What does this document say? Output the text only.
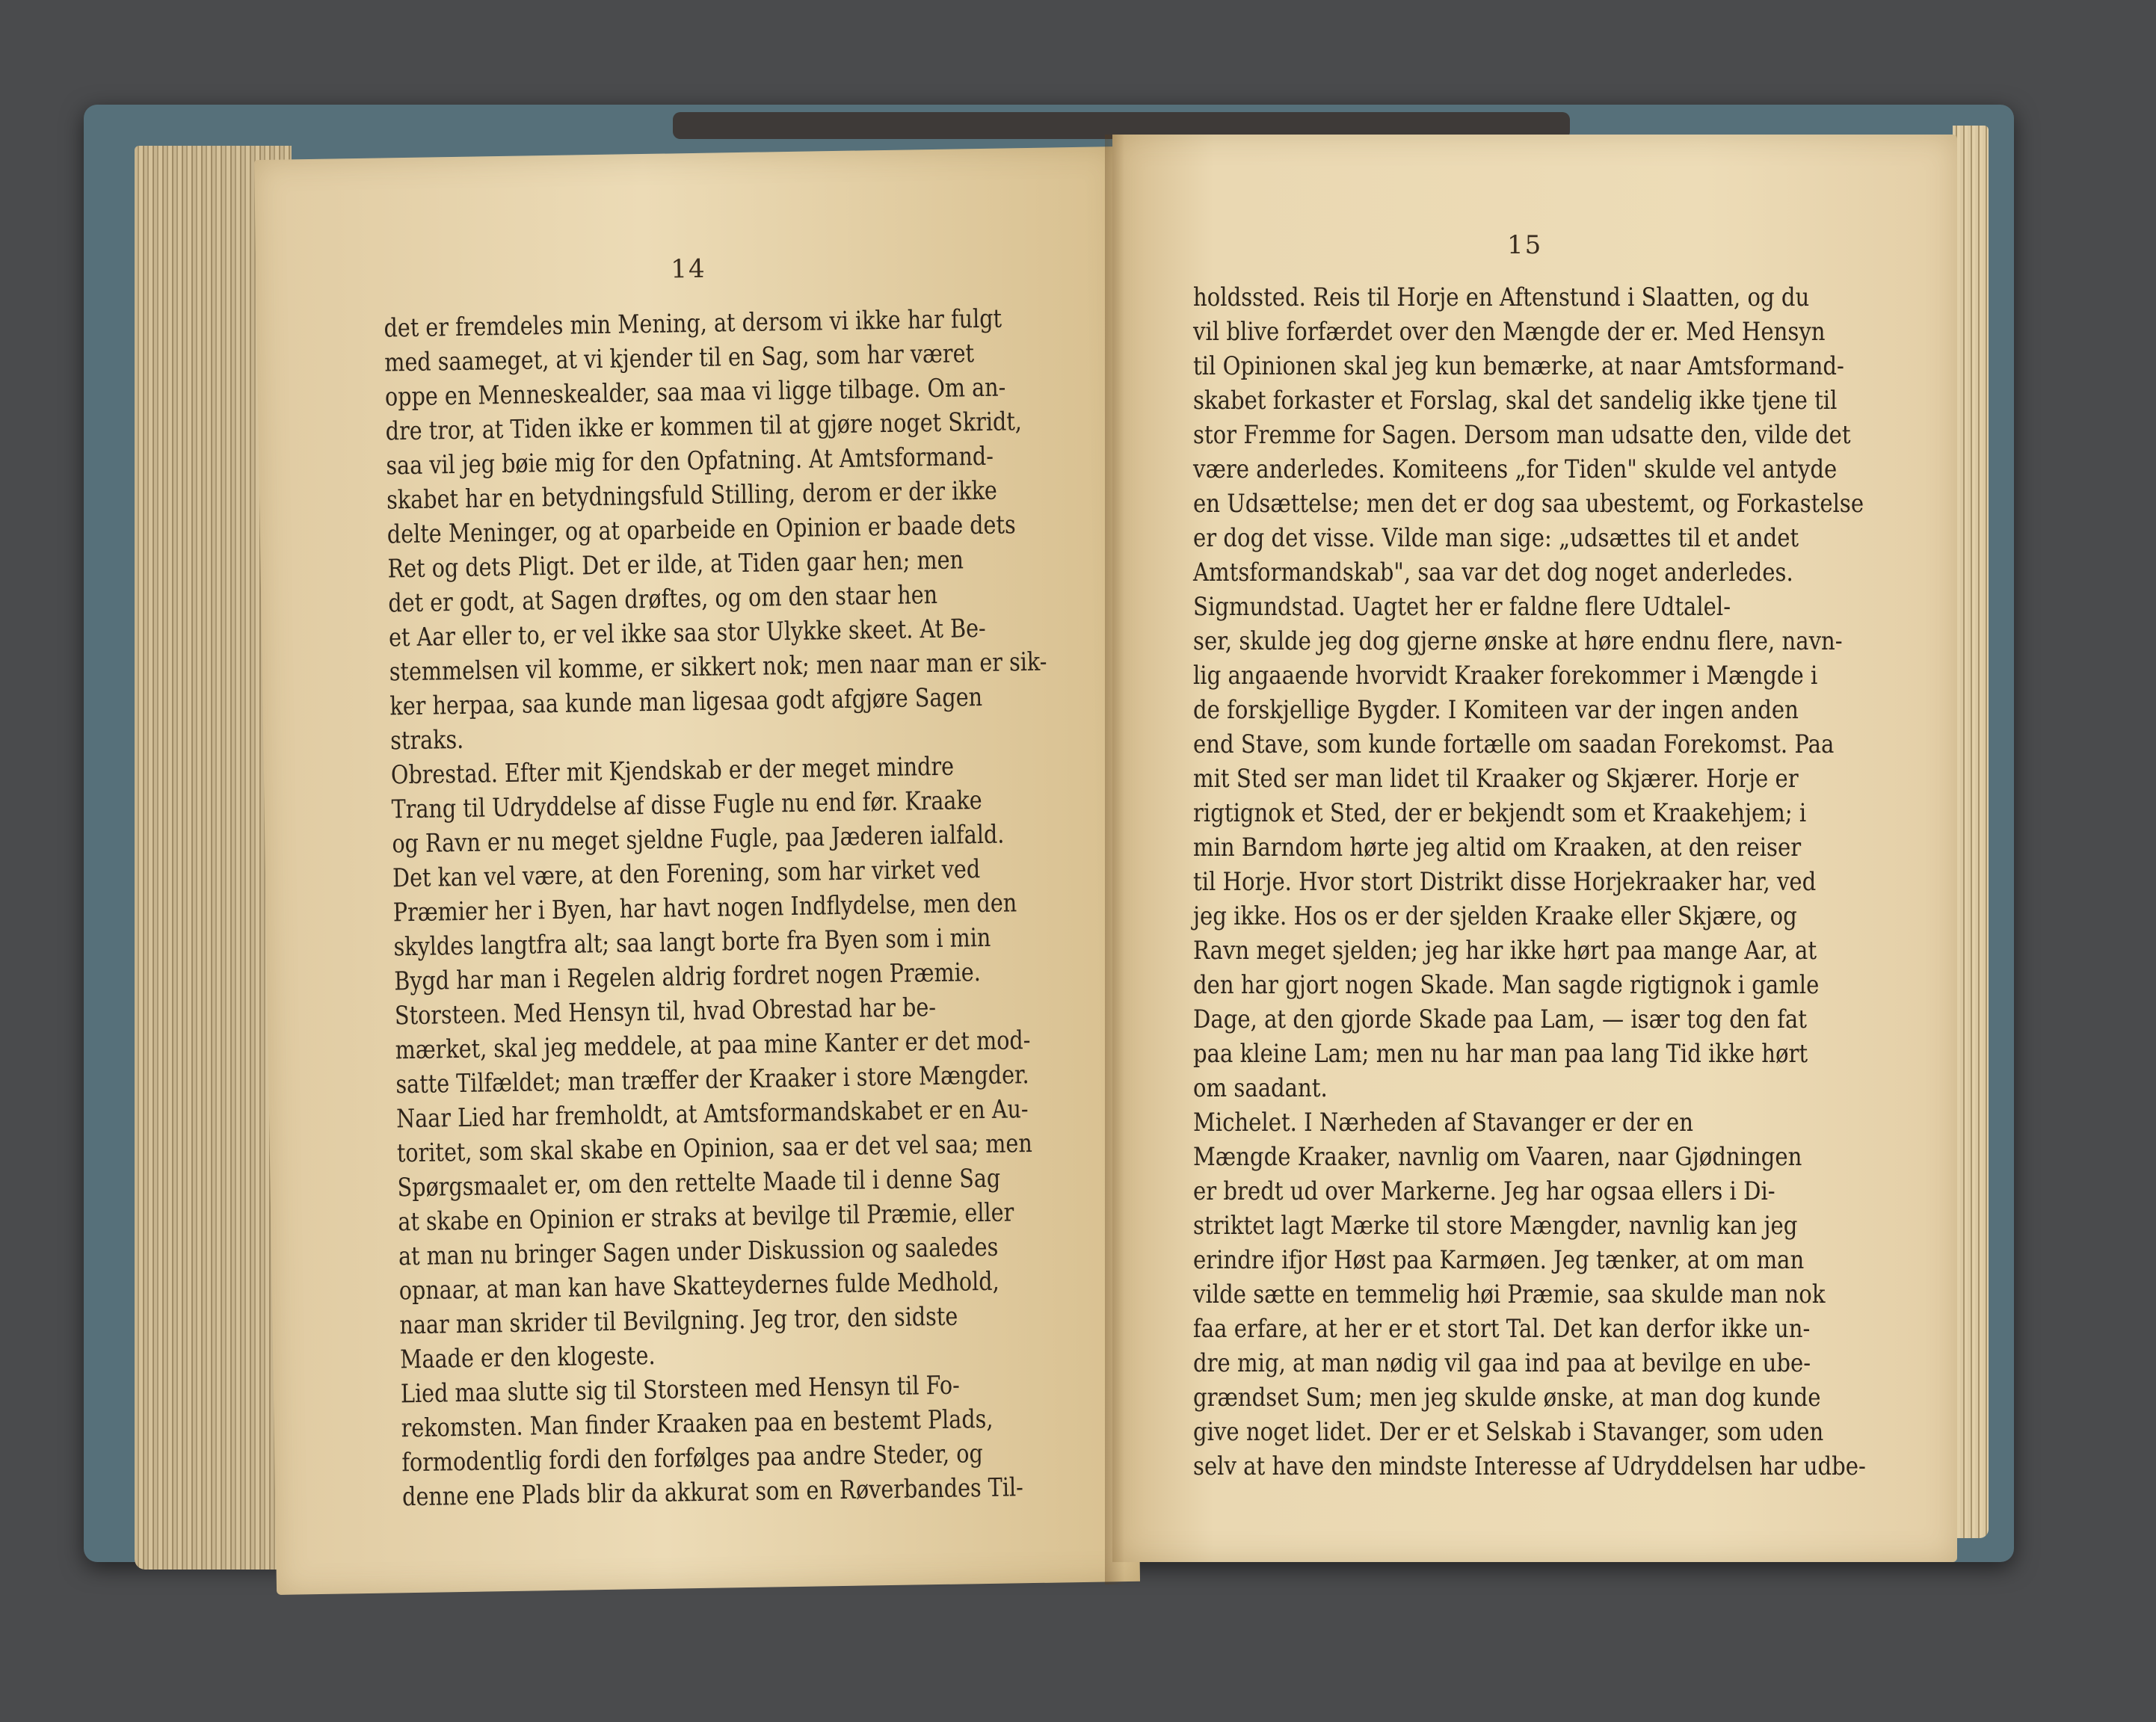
14

det er fremdeles min Mening, at dersom vi ikke har fulgt

med saameget, at vi kjender til en Sag, som har været

oppe en Menneskealder, saa maa vi ligge tilbage. Om an-

dre tror, at Tiden ikke er kommen til at gjøre noget Skridt,

saa vil jeg bøie mig for den Opfatning. At Amtsformand-

skabet har en betydningsfuld Stilling, derom er der ikke

delte Meninger, og at oparbeide en Opinion er baade dets

Ret og dets Pligt. Det er ilde, at Tiden gaar hen; men

det er godt, at Sagen drøftes, og om den staar hen

et Aar eller to, er vel ikke saa stor Ulykke skeet. At Be-

stemmelsen vil komme, er sikkert nok; men naar man er sik-

ker herpaa, saa kunde man ligesaa godt afgjøre Sagen

straks.

Obrestad. Efter mit Kjendskab er der meget mindre

Trang til Udryddelse af disse Fugle nu end før. Kraake

og Ravn er nu meget sjeldne Fugle, paa Jæderen ialfald.

Det kan vel være, at den Forening, som har virket ved

Præmier her i Byen, har havt nogen Indflydelse, men den

skyldes langtfra alt; saa langt borte fra Byen som i min

Bygd har man i Regelen aldrig fordret nogen Præmie.

Storsteen. Med Hensyn til, hvad Obrestad har be-

mærket, skal jeg meddele, at paa mine Kanter er det mod-

satte Tilfældet; man træffer der Kraaker i store Mængder.

Naar Lied har fremholdt, at Amtsformandskabet er en Au-

toritet, som skal skabe en Opinion, saa er det vel saa; men

Spørgsmaalet er, om den rettelte Maade til i denne Sag

at skabe en Opinion er straks at bevilge til Præmie, eller

at man nu bringer Sagen under Diskussion og saaledes

opnaar, at man kan have Skatteydernes fulde Medhold,

naar man skrider til Bevilgning. Jeg tror, den sidste

Maade er den klogeste.

Lied maa slutte sig til Storsteen med Hensyn til Fo-

rekomsten. Man finder Kraaken paa en bestemt Plads,

formodentlig fordi den forfølges paa andre Steder, og

denne ene Plads blir da akkurat som en Røverbandes Til-

15

holdssted. Reis til Horje en Aftenstund i Slaatten, og du

vil blive forfærdet over den Mængde der er. Med Hensyn

til Opinionen skal jeg kun bemærke, at naar Amtsformand-

skabet forkaster et Forslag, skal det sandelig ikke tjene til

stor Fremme for Sagen. Dersom man udsatte den, vilde det

være anderledes. Komiteens „for Tiden" skulde vel antyde

en Udsættelse; men det er dog saa ubestemt, og Forkastelse

er dog det visse. Vilde man sige: „udsættes til et andet

Amtsformandskab", saa var det dog noget anderledes.

Sigmundstad. Uagtet her er faldne flere Udtalel-

ser, skulde jeg dog gjerne ønske at høre endnu flere, navn-

lig angaaende hvorvidt Kraaker forekommer i Mængde i

de forskjellige Bygder. I Komiteen var der ingen anden

end Stave, som kunde fortælle om saadan Forekomst. Paa

mit Sted ser man lidet til Kraaker og Skjærer. Horje er

rigtignok et Sted, der er bekjendt som et Kraakehjem; i

min Barndom hørte jeg altid om Kraaken, at den reiser

til Horje. Hvor stort Distrikt disse Horjekraaker har, ved

jeg ikke. Hos os er der sjelden Kraake eller Skjære, og

Ravn meget sjelden; jeg har ikke hørt paa mange Aar, at

den har gjort nogen Skade. Man sagde rigtignok i gamle

Dage, at den gjorde Skade paa Lam, — især tog den fat

paa kleine Lam; men nu har man paa lang Tid ikke hørt

om saadant.

Michelet. I Nærheden af Stavanger er der en

Mængde Kraaker, navnlig om Vaaren, naar Gjødningen

er bredt ud over Markerne. Jeg har ogsaa ellers i Di-

striktet lagt Mærke til store Mængder, navnlig kan jeg

erindre ifjor Høst paa Karmøen. Jeg tænker, at om man

vilde sætte en temmelig høi Præmie, saa skulde man nok

faa erfare, at her er et stort Tal. Det kan derfor ikke un-

dre mig, at man nødig vil gaa ind paa at bevilge en ube-

grændset Sum; men jeg skulde ønske, at man dog kunde

give noget lidet. Der er et Selskab i Stavanger, som uden

selv at have den mindste Interesse af Udryddelsen har udbe-
